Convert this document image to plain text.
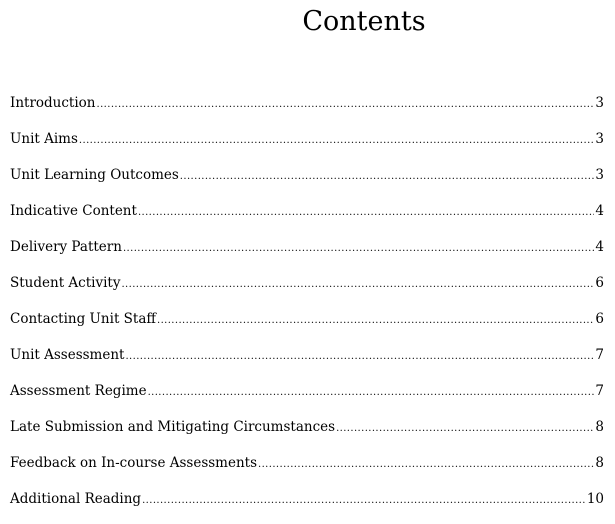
Contents
Introduction .....	3
Unit Aims .....	3
Unit Learning Outcomes .....	3
Indicative Content .....	4
Delivery Pattern .....	4
Student Activity .....	6
Contacting Unit Staff .....	6
Unit Assessment .....	7
Assessment Regime .....	7
Late Submission and Mitigating Circumstances .....	8
Feedback on In-course Assessments .....	8
Additional Reading .....	10
